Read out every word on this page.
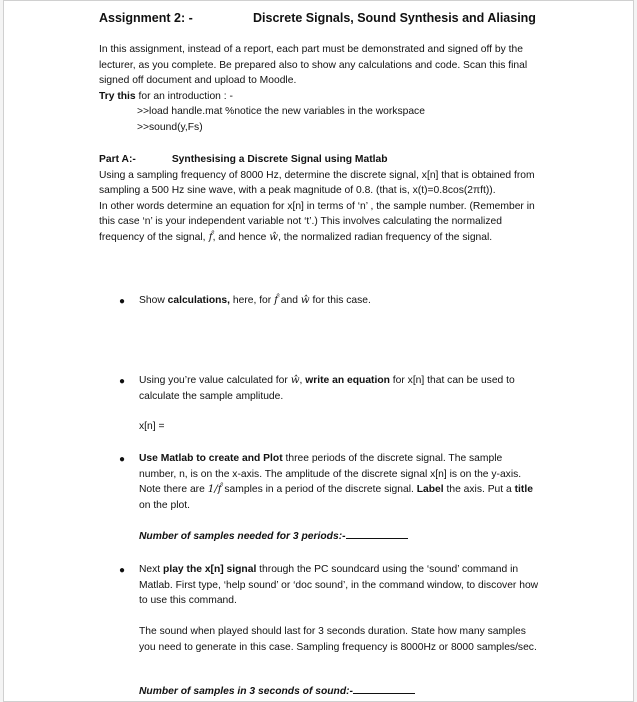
Assignment 2: -	Discrete Signals, Sound Synthesis and Aliasing

In this assignment, instead of a report, each part must be demonstrated and signed off by the lecturer, as you complete. Be prepared also to show any calculations and code. Scan this final signed off document and upload to Moodle.

Try this for an introduction : -

>>load handle.mat %notice the new variables in the workspace

>>sound(y,Fs)

Part A:-	Synthesising a Discrete Signal using Matlab

Using a sampling frequency of 8000 Hz, determine the discrete signal, x[n] that is obtained from sampling a 500 Hz sine wave, with a peak magnitude of 0.8. (that is, x(t)=0.8cos(2πft)).

In other words determine an equation for x[n] in terms of ‘n’ , the sample number. (Remember in this case ‘n’ is your independent variable not ‘t’.) This involves calculating the normalized frequency of the signal, f̂, and hence ŵ, the normalized radian frequency of the signal.

● Show calculations, here, for f̂ and ŵ for this case.
● Using you’re value calculated for ŵ, write an equation for x[n] that can be used to calculate the sample amplitude.
x[n] =
● Use Matlab to create and Plot three periods of the discrete signal. The sample number, n, is on the x-axis. The amplitude of the discrete signal x[n] is on the y-axis. Note there are 1/f̂ samples in a period of the discrete signal. Label the axis. Put a title on the plot.
Number of samples needed for 3 periods:-
● Next play the x[n] signal through the PC soundcard using the ‘sound’ command in Matlab. First type, ‘help sound’ or ‘doc sound’, in the command window, to discover how to use this command.
The sound when played should last for 3 seconds duration. State how many samples you need to generate in this case. Sampling frequency is 8000Hz or 8000 samples/sec.
Number of samples in 3 seconds of sound:-
